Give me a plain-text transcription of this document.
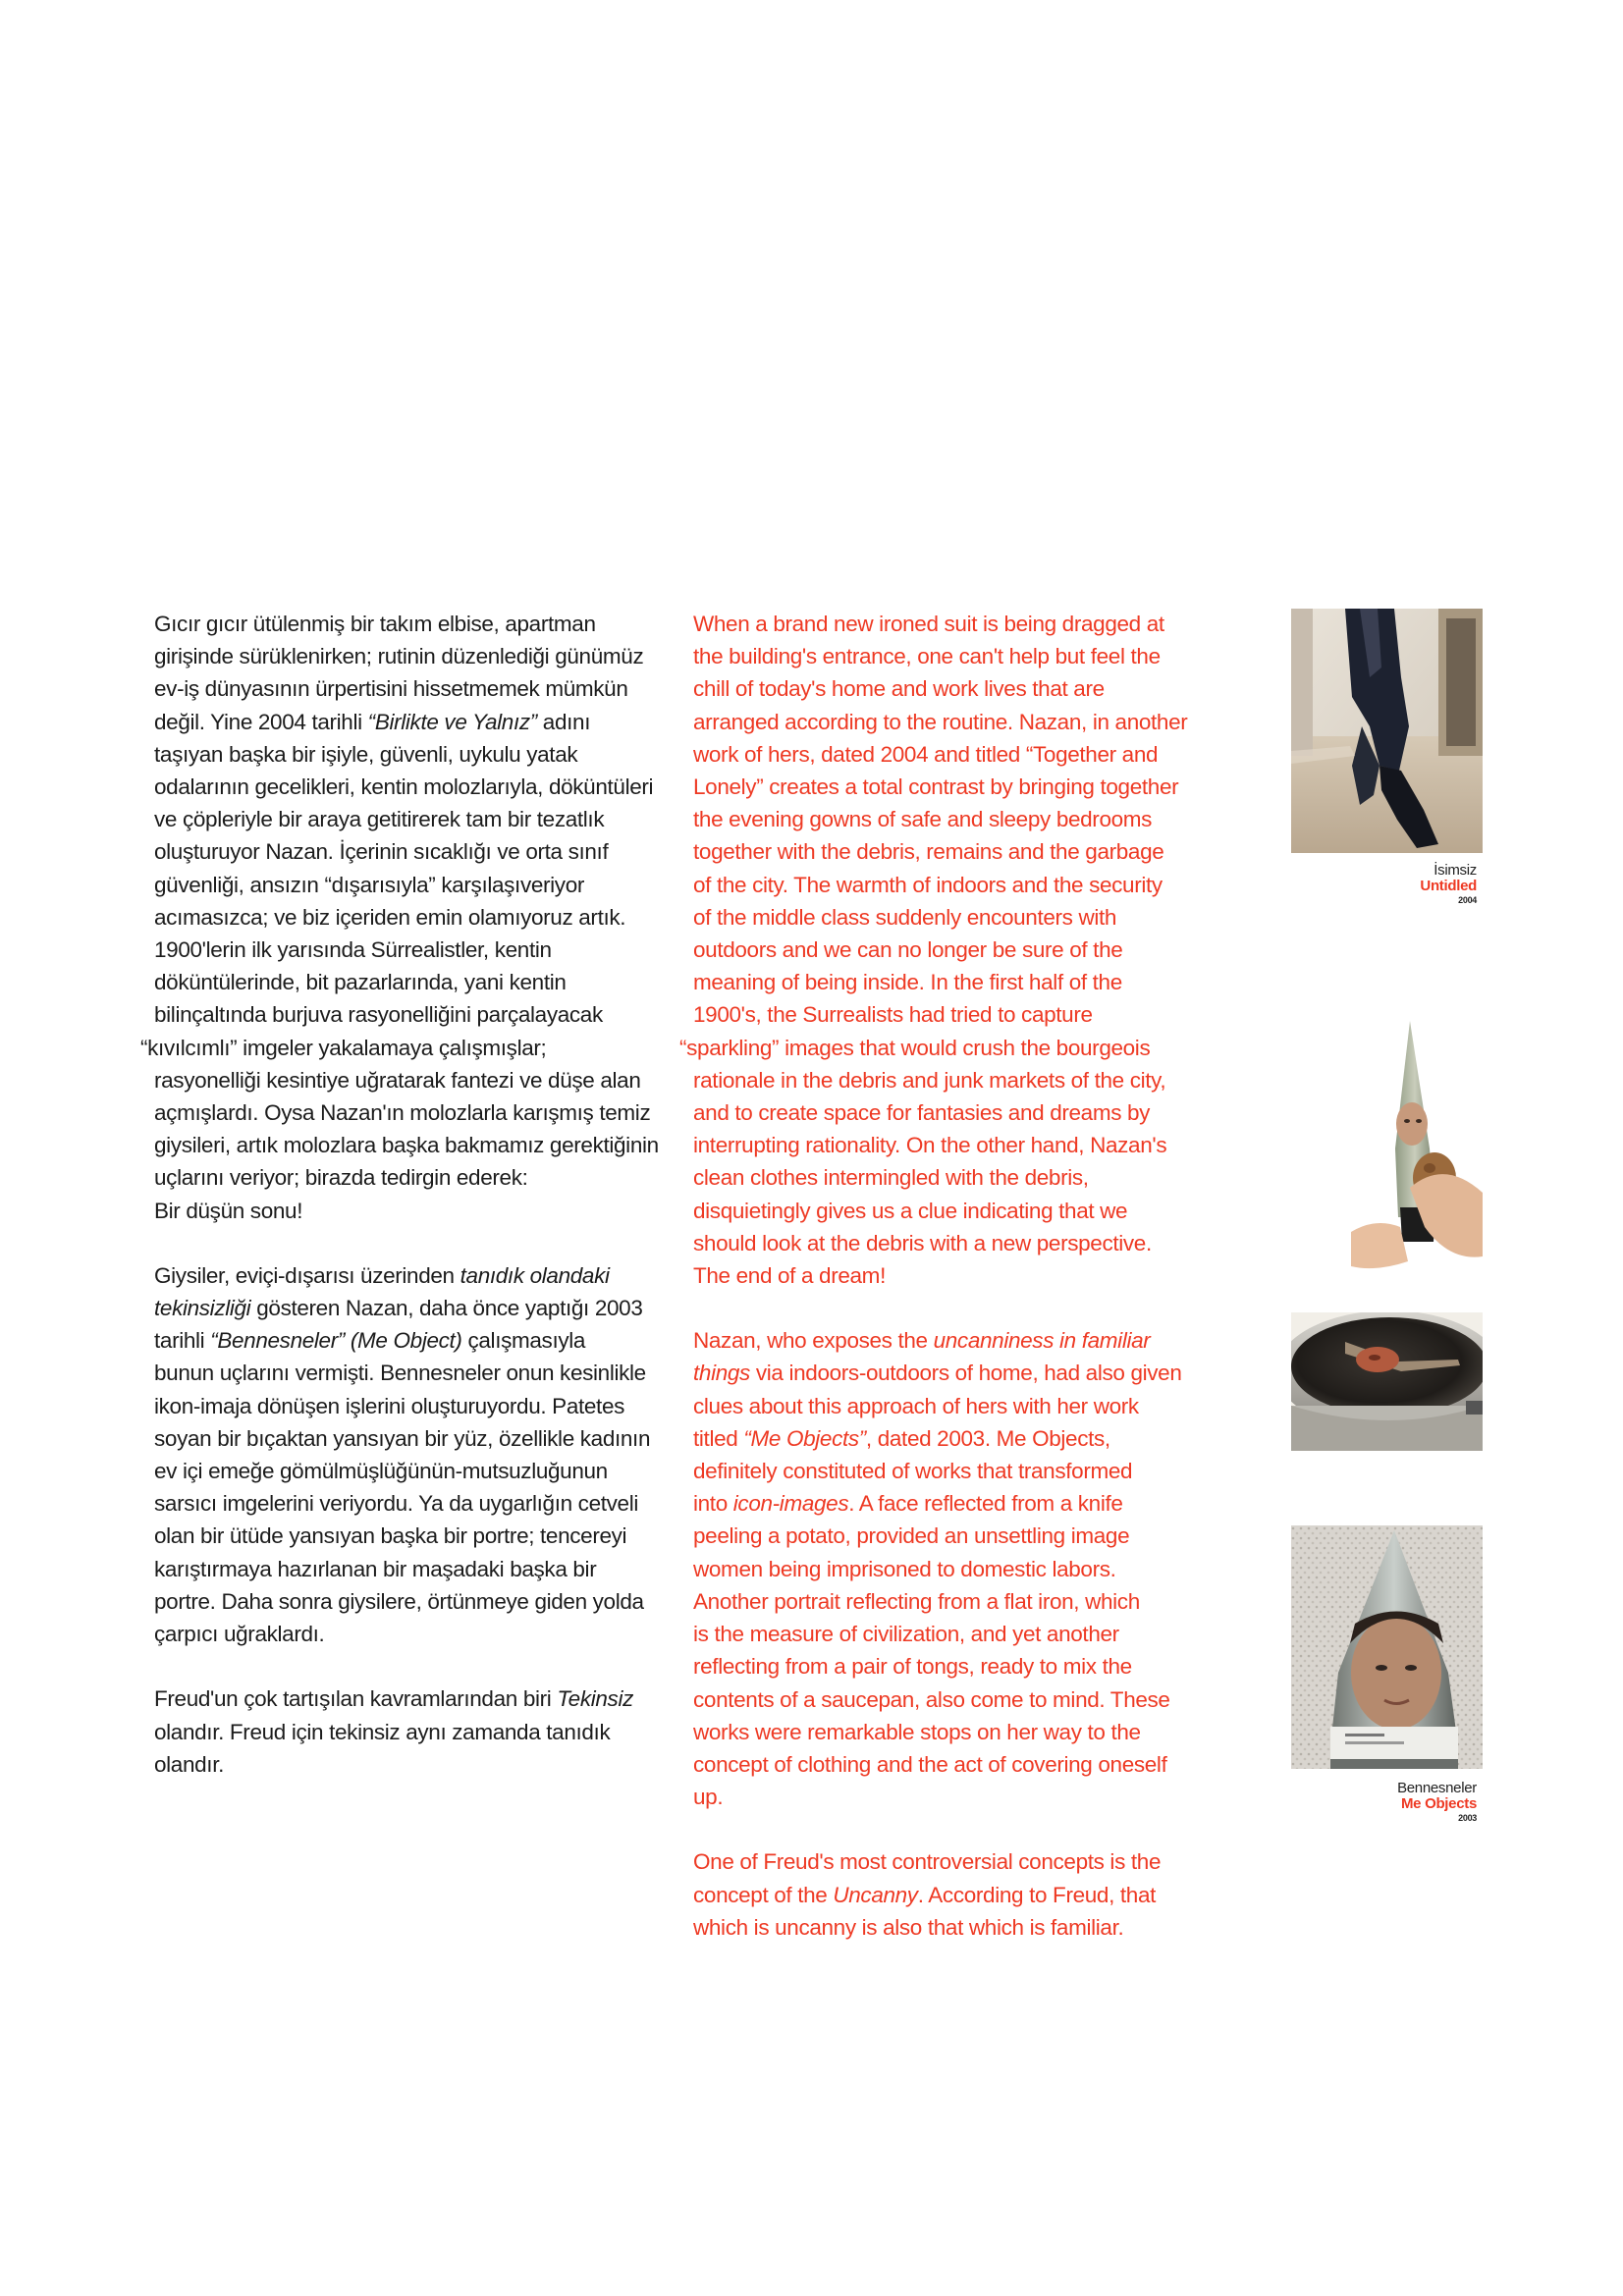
Gıcır gıcır ütülenmiş bir takım elbise, apartman
girişinde sürüklenirken; rutinin düzenlediği günümüz
ev-iş dünyasının ürpertisini hissetmemek mümkün
değil. Yine 2004 tarihli “Birlikte ve Yalnız” adını
taşıyan başka bir işiyle, güvenli, uykulu yatak
odalarının gecelikleri, kentin molozlarıyla, döküntüleri
ve çöpleriyle bir araya getitirerek tam bir tezatlık
oluşturuyor Nazan. İçerinin sıcaklığı ve orta sınıf
güvenliği, ansızın “dışarısıyla” karşılaşıveriyor
acımasızca; ve biz içeriden emin olamıyoruz artık.
1900'lerin ilk yarısında Sürrealistler, kentin
döküntülerinde, bit pazarlarında, yani kentin
bilinçaltında burjuva rasyonelliğini parçalayacak
“kıvılcımlı” imgeler yakalamaya çalışmışlar;
rasyonelliği kesintiye uğratarak fantezi ve düşe alan
açmışlardı. Oysa Nazan'ın molozlarla karışmış temiz
giysileri, artık molozlara başka bakmamız gerektiğinin
uçlarını veriyor; birazda tedirgin ederek:
Bir düşün sonu!

Giysiler, eviçi-dışarısı üzerinden tanıdık olandaki
tekinsizliği gösteren Nazan, daha önce yaptığı 2003
tarihli “Bennesneler” (Me Object) çalışmasıyla
bunun uçlarını vermişti. Bennesneler onun kesinlikle
ikon-imaja dönüşen işlerini oluşturuyordu. Patetes
soyan bir bıçaktan yansıyan bir yüz, özellikle kadının
ev içi emeğe gömülmüşlüğünün-mutsuzluğunun
sarsıcı imgelerini veriyordu. Ya da uygarlığın cetveli
olan bir ütüde yansıyan başka bir portre; tencereyi
karıştırmaya hazırlanan bir maşadaki başka bir
portre. Daha sonra giysilere, örtünmeye giden yolda
çarpıcı uğraklardı.

Freud'un çok tartışılan kavramlarından biri Tekinsiz
olandır. Freud için tekinsiz aynı zamanda tanıdık
olandır.

When a brand new ironed suit is being dragged at
the building's entrance, one can't help but feel the
chill of today's home and work lives that are
arranged according to the routine. Nazan, in another
work of hers, dated 2004 and titled “Together and
Lonely” creates a total contrast by bringing together
the evening gowns of safe and sleepy bedrooms
together with the debris, remains and the garbage
of the city. The warmth of indoors and the security
of the middle class suddenly encounters with
outdoors and we can no longer be sure of the
meaning of being inside. In the first half of the
1900's, the Surrealists had tried to capture
“sparkling” images that would crush the bourgeois
rationale in the debris and junk markets of the city,
and to create space for fantasies and dreams by
interrupting rationality. On the other hand, Nazan's
clean clothes intermingled with the debris,
disquietingly gives us a clue indicating that we
should look at the debris with a new perspective.
The end of a dream!

Nazan, who exposes the uncanniness in familiar
things via indoors-outdoors of home, had also given
clues about this approach of hers with her work
titled “Me Objects”, dated 2003. Me Objects,
definitely constituted of works that transformed
into icon-images. A face reflected from a knife
peeling a potato, provided an unsettling image
women being imprisoned to domestic labors.
Another portrait reflecting from a flat iron, which
is the measure of civilization, and yet another
reflecting from a pair of tongs, ready to mix the
contents of a saucepan, also come to mind. These
works were remarkable stops on her way to the
concept of clothing and the act of covering oneself
up.

One of Freud's most controversial concepts is the
concept of the Uncanny. According to Freud, that
which is uncanny is also that which is familiar.

İsimsiz
Untidled
2004
Bennesneler
Me Objects
2003
